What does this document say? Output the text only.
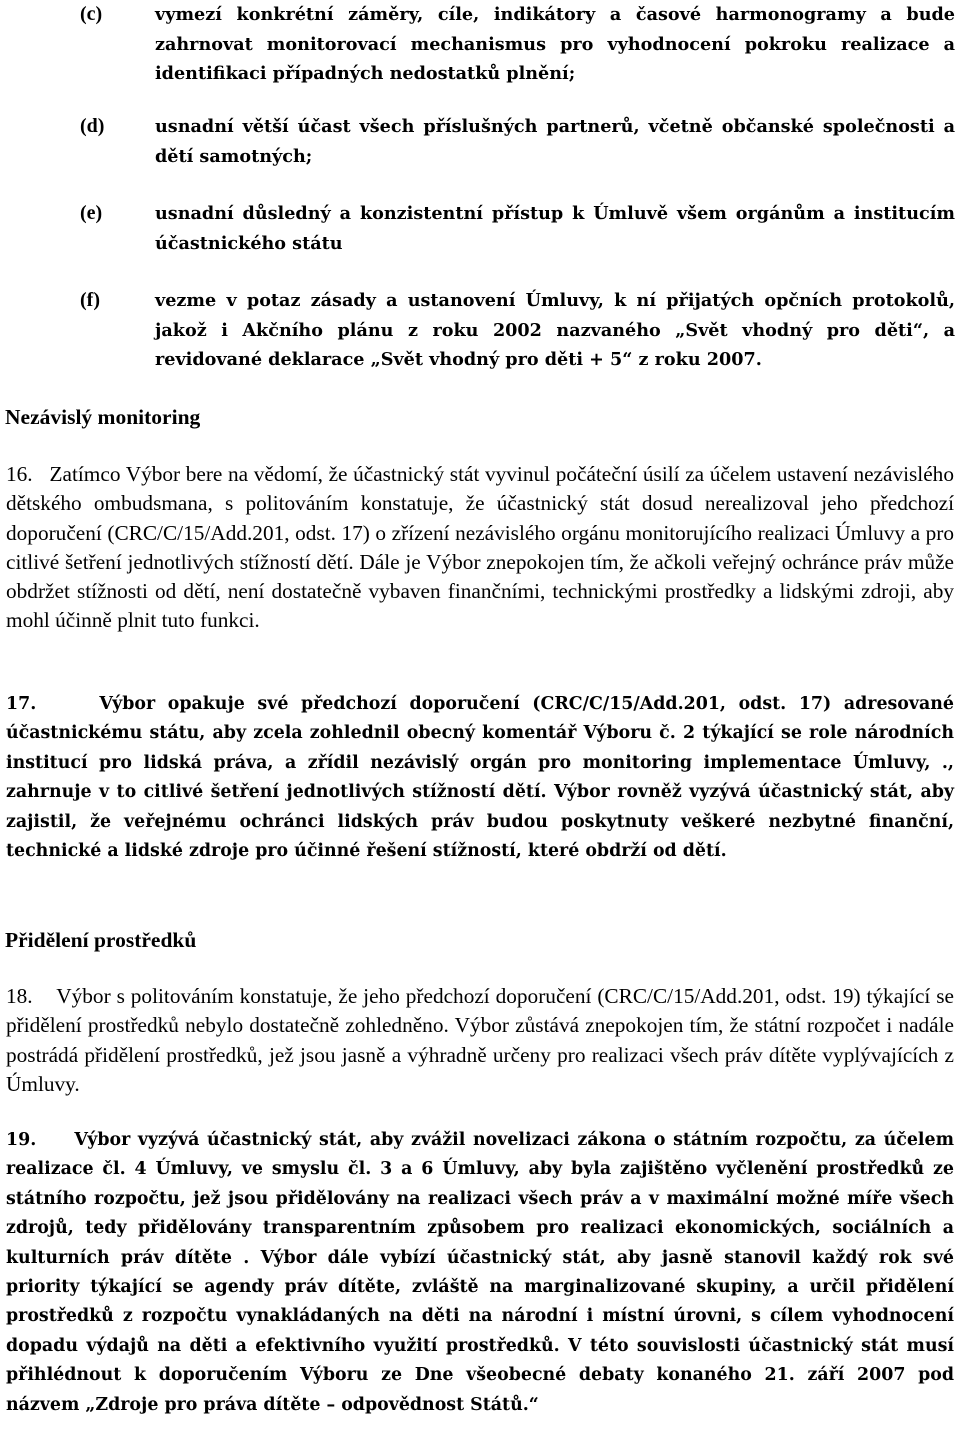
(c)	vymezí konkrétní záměry, cíle, indikátory a časové harmonogramy a bude zahrnovat monitorovací mechanismus pro vyhodnocení pokroku realizace a identifikaci případných nedostatků plnění;
(d)	usnadní větší účast všech příslušných partnerů, včetně občanské společnosti a dětí samotných;
(e)	usnadní důsledný a konzistentní přístup k Úmluvě všem orgánům a institucím účastnického státu
(f)	vezme v potaz zásady a ustanovení Úmluvy, k ní přijatých opčních protokolů, jakož i Akčního plánu z roku 2002 nazvaného „Svět vhodný pro děti“, a revidované deklarace „Svět vhodný pro děti + 5“ z roku 2007.
Nezávislý monitoring
16. Zatímco Výbor bere na vědomí, že účastnický stát vyvinul počáteční úsilí za účelem ustavení nezávislého dětského ombudsmana, s politováním konstatuje, že účastnický stát dosud nerealizoval jeho předchozí doporučení (CRC/C/15/Add.201, odst. 17) o zřízení nezávislého orgánu monitorujícího realizaci Úmluvy a pro citlivé šetření jednotlivých stížností dětí. Dále je Výbor znepokojen tím, že ačkoli veřejný ochránce práv může obdržet stížnosti od dětí, není dostatečně vybaven finančními, technickými prostředky a lidskými zdroji, aby mohl účinně plnit tuto funkci.
17.	Výbor opakuje své předchozí doporučení (CRC/C/15/Add.201, odst. 17) adresované účastnickému státu, aby zcela zohlednil obecný komentář Výboru č. 2 týkající se role národních institucí pro lidská práva, a zřídil nezávislý orgán pro monitoring implementace Úmluvy, ., zahrnuje v to citlivé šetření jednotlivých stížností dětí. Výbor rovněž vyzývá účastnický stát, aby zajistil, že veřejnému ochránci lidských práv budou poskytnuty veškeré nezbytné finanční, technické a lidské zdroje pro účinné řešení stížností, které obdrží od dětí.
Přidělení prostředků
18. Výbor s politováním konstatuje, že jeho předchozí doporučení (CRC/C/15/Add.201, odst. 19) týkající se přidělení prostředků nebylo dostatečně zohledněno. Výbor zůstává znepokojen tím, že státní rozpočet i nadále postrádá přidělení prostředků, jež jsou jasně a výhradně určeny pro realizaci všech práv dítěte vyplývajících z Úmluvy.
19. Výbor vyzývá účastnický stát, aby zvážil novelizaci zákona o státním rozpočtu, za účelem realizace čl. 4 Úmluvy, ve smyslu čl. 3 a 6 Úmluvy, aby byla zajištěno vyčlenění prostředků ze státního rozpočtu, jež jsou přidělovány na realizaci všech práv a v maximální možné míře všech zdrojů, tedy přidělovány transparentním způsobem pro realizaci ekonomických, sociálních a kulturních práv dítěte . Výbor dále vybízí účastnický stát, aby jasně stanovil každý rok své priority týkající se agendy práv dítěte, zvláště na marginalizované skupiny, a určil přidělení prostředků z rozpočtu vynakládaných na děti na národní i místní úrovni, s cílem vyhodnocení dopadu výdajů na děti a efektivního využití prostředků. V této souvislosti účastnický stát musí přihlédnout k doporučením Výboru ze Dne všeobecné debaty konaného 21. září 2007 pod názvem „Zdroje pro práva dítěte – odpovědnost Států.“
